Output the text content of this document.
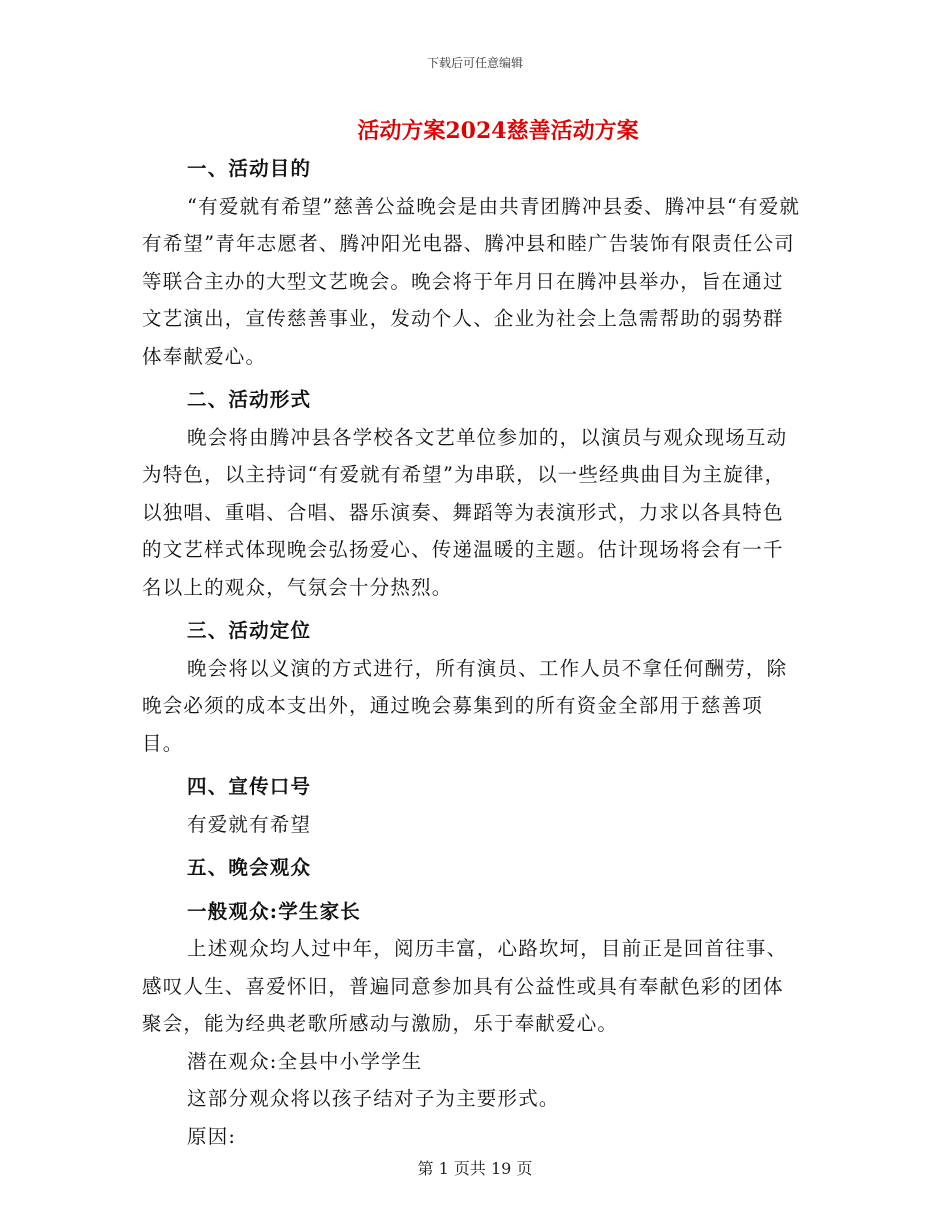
下载后可任意编辑
活动方案2024慈善活动方案

一、活动目的

“有爱就有希望”慈善公益晚会是由共青团腾冲县委、腾冲县“有爱就有希望”青年志愿者、腾冲阳光电器、腾冲县和睦广告装饰有限责任公司等联合主办的大型文艺晚会。晚会将于年月日在腾冲县举办，旨在通过文艺演出，宣传慈善事业，发动个人、企业为社会上急需帮助的弱势群体奉献爱心。

二、活动形式

晚会将由腾冲县各学校各文艺单位参加的，以演员与观众现场互动为特色，以主持词“有爱就有希望”为串联，以一些经典曲目为主旋律，以独唱、重唱、合唱、器乐演奏、舞蹈等为表演形式，力求以各具特色的文艺样式体现晚会弘扬爱心、传递温暖的主题。估计现场将会有一千名以上的观众，气氛会十分热烈。

三、活动定位

晚会将以义演的方式进行，所有演员、工作人员不拿任何酬劳，除晚会必须的成本支出外，通过晚会募集到的所有资金全部用于慈善项目。

四、宣传口号

有爱就有希望

五、晚会观众

一般观众:学生家长

上述观众均人过中年，阅历丰富，心路坎坷，目前正是回首往事、感叹人生、喜爱怀旧，普遍同意参加具有公益性或具有奉献色彩的团体聚会，能为经典老歌所感动与激励，乐于奉献爱心。

潜在观众:全县中小学学生

这部分观众将以孩子结对子为主要形式。

原因:

第 1 页共 19 页
